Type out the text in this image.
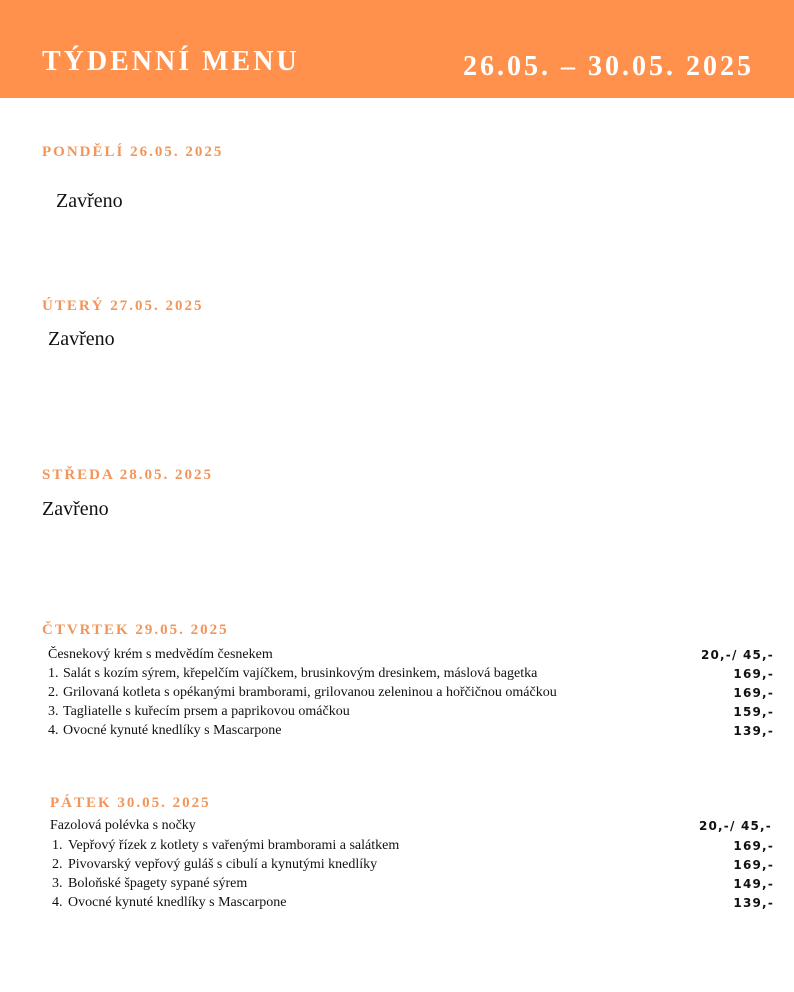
TÝDENNÍ MENU	26.05. – 30.05. 2025
PONDĚLÍ 26.05. 2025
Zavřeno
ÚTERÝ 27.05. 2025
Zavřeno
STŘEDA 28.05. 2025
Zavřeno
ČTVRTEK 29.05. 2025
Česnekový krém s medvědím česnekem	20,-/ 45,-
1. Salát s kozím sýrem, křepelčím vajíčkem, brusinkovým dresinkem, máslová bagetka	169,-
2. Grilovaná kotleta s opékanými bramborami, grilovanou zeleninou a hořčičnou omáčkou	169,-
3. Tagliatelle s kuřecím prsem a paprikovou omáčkou	159,-
4. Ovocné kynuté knedlíky s Mascarpone	139,-
PÁTEK 30.05. 2025
Fazolová polévka s nočky	20,-/ 45,-
1. Vepřový řízek z kotlety s vařenými bramborami a salátkem	169,-
2. Pivovarský vepřový guláš s cibulí a kynutými knedlíky	169,-
3. Boloňské špagety sypané sýrem	149,-
4. Ovocné kynuté knedlíky s Mascarpone	139,-
